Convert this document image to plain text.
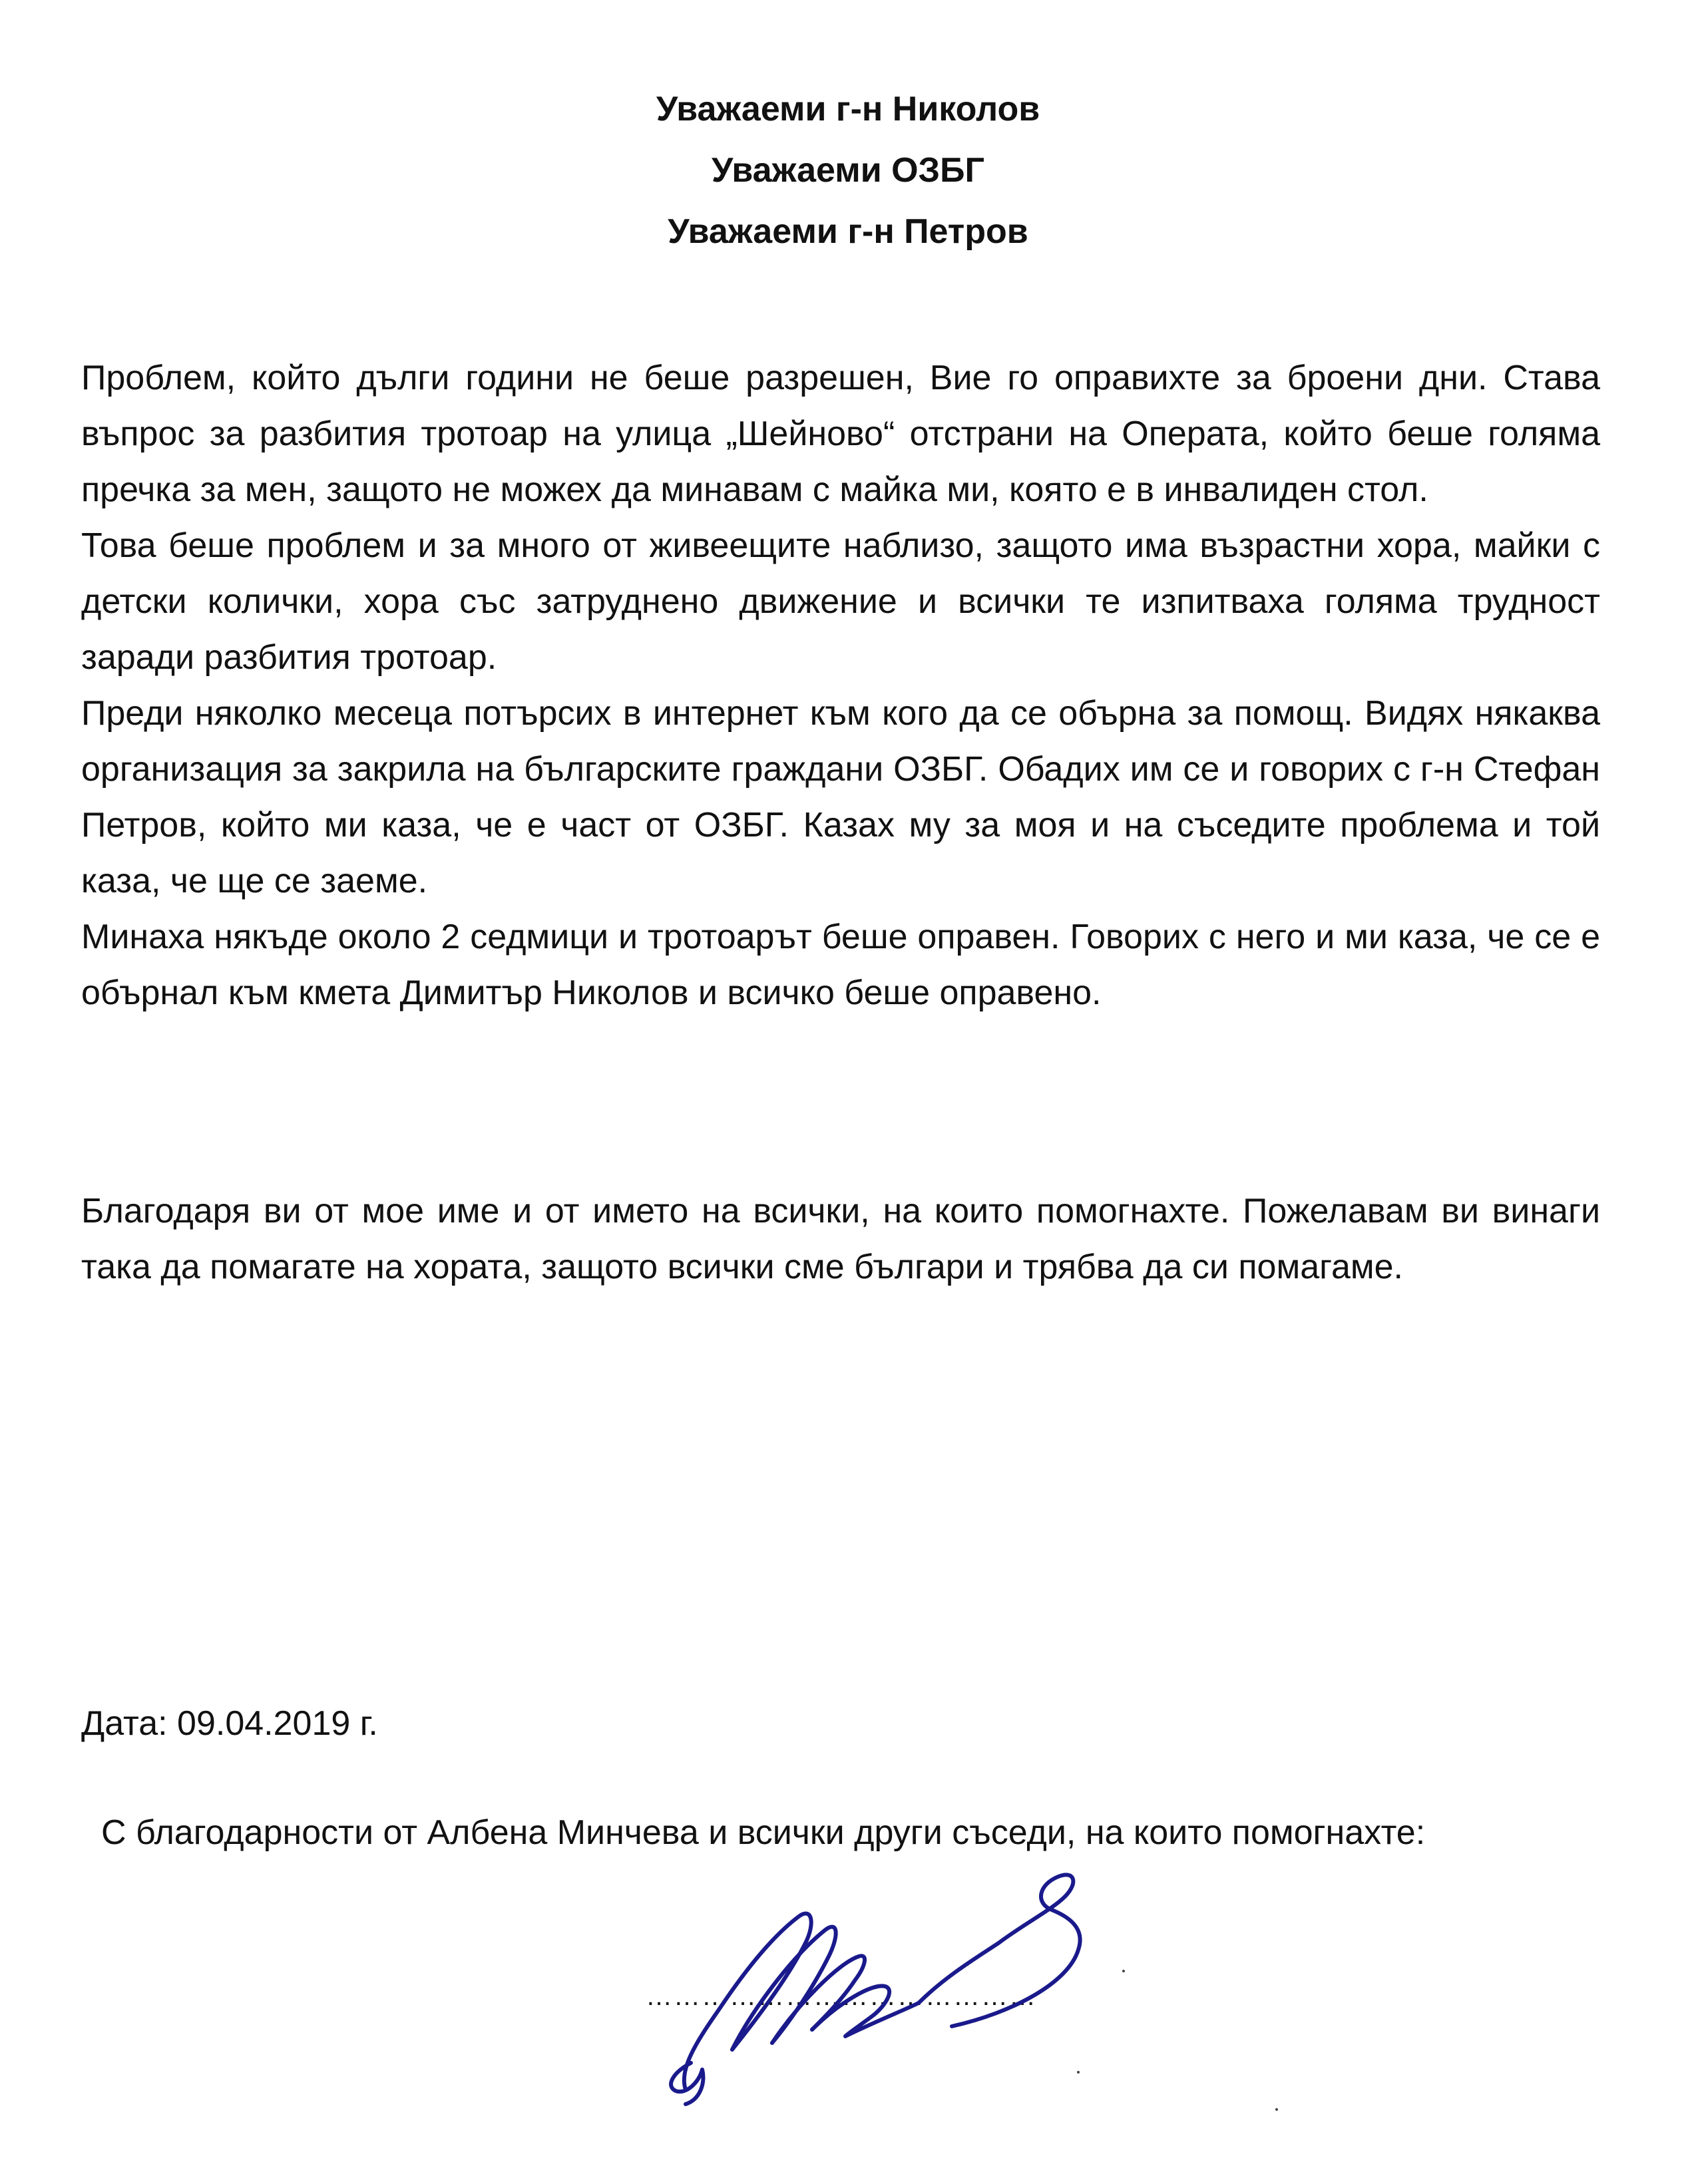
Уважаеми г-н Николов
Уважаеми ОЗБГ
Уважаеми г-н Петров

Проблем, който дълги години не беше разрешен, Вие го оправихте за броени дни. Става въпрос за разбития тротоар на улица „Шейново“ отстрани на Операта, който беше голяма пречка за мен, защото не можех да минавам с майка ми, която е в инвалиден стол.

Това беше проблем и за много от живеещите наблизо, защото има възрастни хора, майки с детски колички, хора със затруднено движение и всички те изпитваха голяма трудност заради разбития тротоар.

Преди няколко месеца потърсих в интернет към кого да се обърна за помощ. Видях някаква организация за закрила на българските граждани ОЗБГ. Обадих им се и говорих с г-н Стефан Петров, който ми каза, че е част от ОЗБГ. Казах му за моя и на съседите проблема и той каза, че ще се заеме.

Минаха някъде около 2 седмици и тротоарът беше оправен. Говорих с него и ми каза, че се е обърнал към кмета Димитър Николов и всичко беше оправено.

Благодаря ви от мое име и от името на всички, на които помогнахте. Пожелавам ви винаги така да помагате на хората, защото всички сме българи и трябва да си помагаме.
Дата: 09.04.2019 г.
С благодарности от Албена Минчева и всички други съседи, на които помогнахте:
……………………………………
